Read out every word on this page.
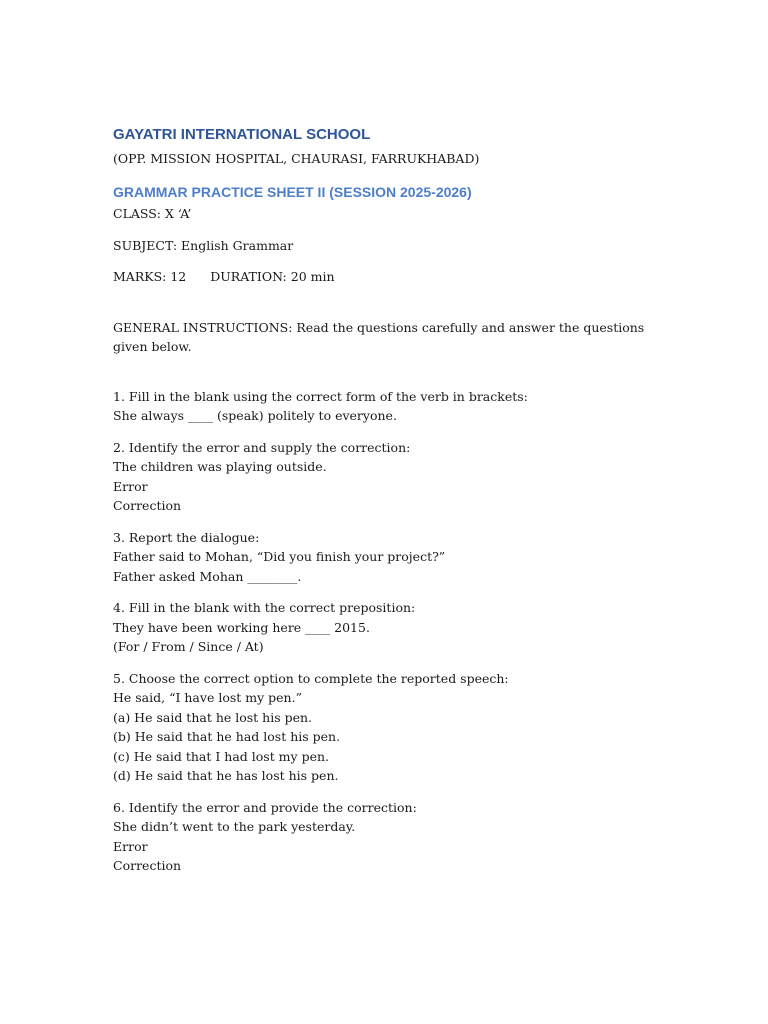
GAYATRI INTERNATIONAL SCHOOL

(OPP. MISSION HOSPITAL, CHAURASI, FARRUKHABAD)

GRAMMAR PRACTICE SHEET II (SESSION 2025-2026)

CLASS: X ‘A’

SUBJECT: English Grammar

MARKS: 12 DURATION: 20 min

GENERAL INSTRUCTIONS: Read the questions carefully and answer the questions given below.

1. Fill in the blank using the correct form of the verb in brackets:

She always ____ (speak) politely to everyone.

2. Identify the error and supply the correction:

The children was playing outside.

Error

Correction

3. Report the dialogue:

Father said to Mohan, “Did you finish your project?”

Father asked Mohan ________.

4. Fill in the blank with the correct preposition:

They have been working here ____ 2015.

(For / From / Since / At)

5. Choose the correct option to complete the reported speech:

He said, “I have lost my pen.”

(a) He said that he lost his pen.

(b) He said that he had lost his pen.

(c) He said that I had lost my pen.

(d) He said that he has lost his pen.

6. Identify the error and provide the correction:

She didn’t went to the park yesterday.

Error

Correction
